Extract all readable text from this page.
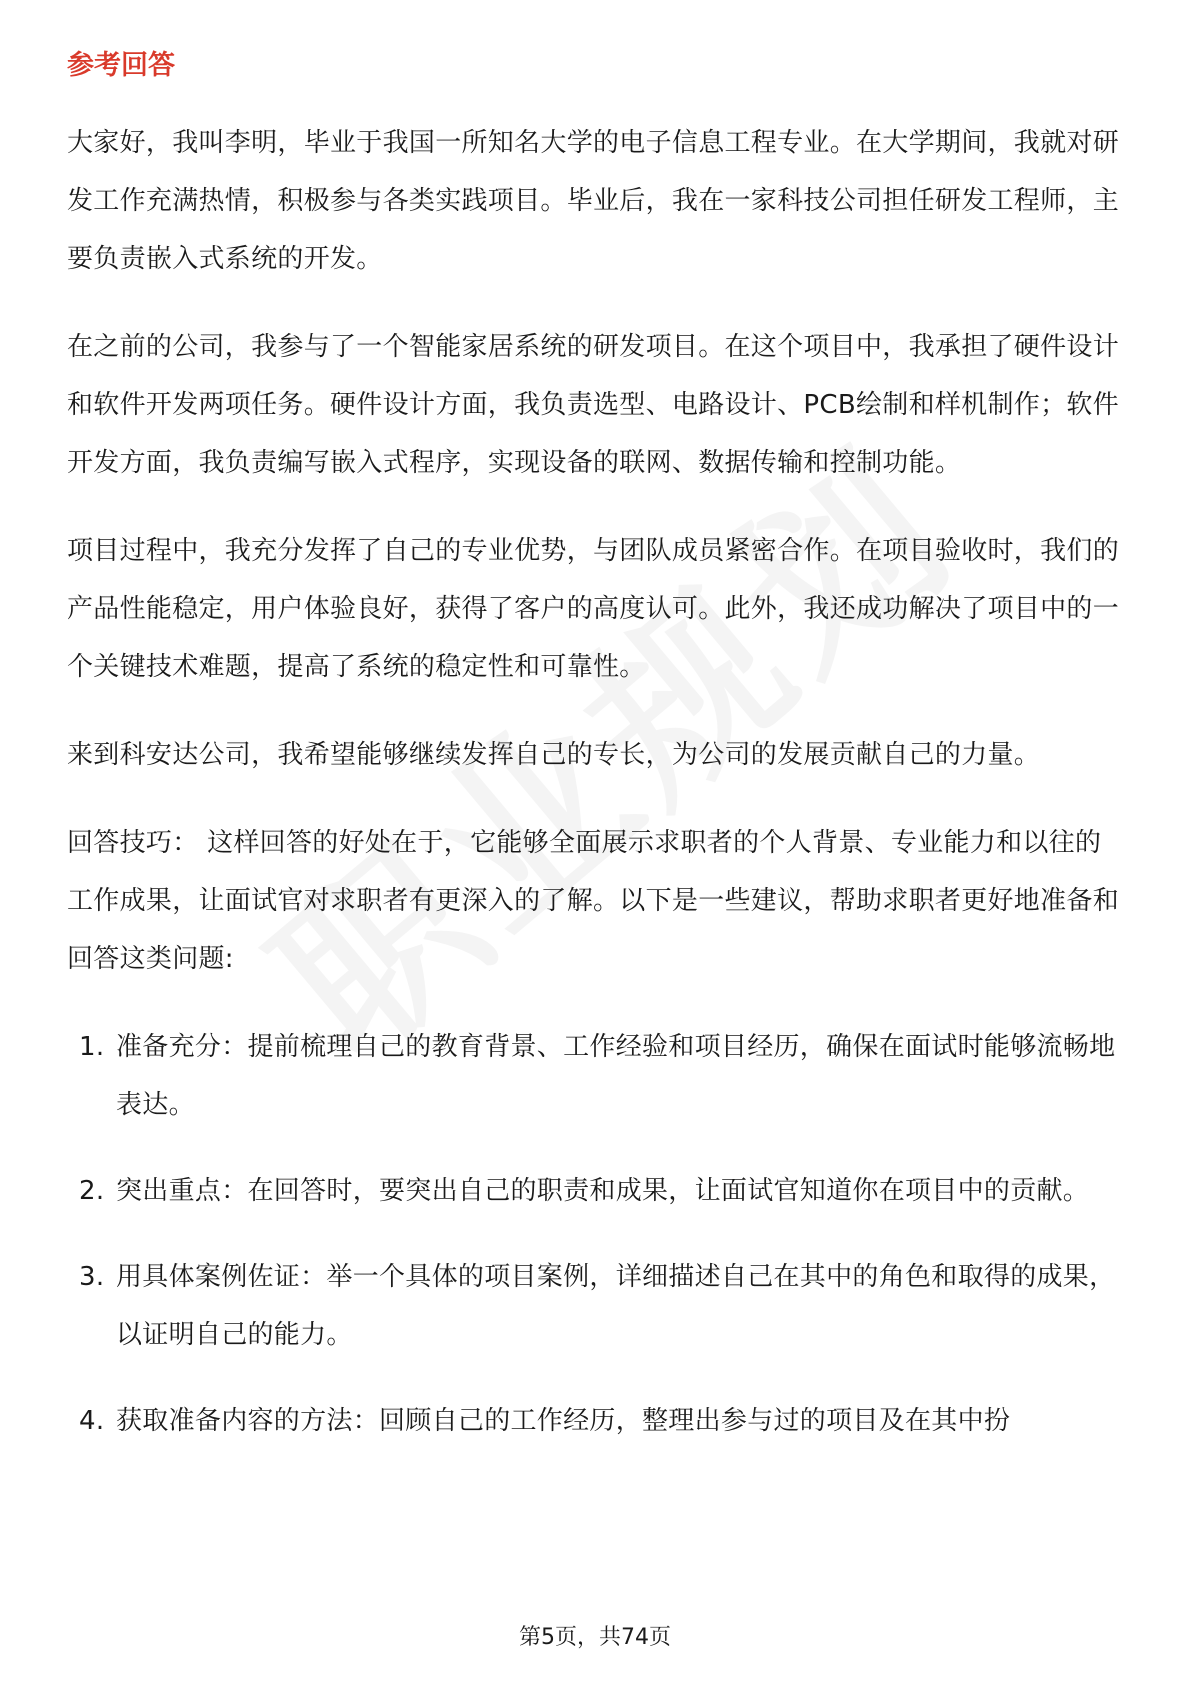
参考回答

大家好，我叫李明，毕业于我国一所知名大学的电子信息工程专业。在大学期间，我就对研发工作充满热情，积极参与各类实践项目。毕业后，我在一家科技公司担任研发工程师，主要负责嵌入式系统的开发。

在之前的公司，我参与了一个智能家居系统的研发项目。在这个项目中，我承担了硬件设计和软件开发两项任务。硬件设计方面，我负责选型、电路设计、PCB绘制和样机制作；软件开发方面，我负责编写嵌入式程序，实现设备的联网、数据传输和控制功能。

项目过程中，我充分发挥了自己的专业优势，与团队成员紧密合作。在项目验收时，我们的产品性能稳定，用户体验良好，获得了客户的高度认可。此外，我还成功解决了项目中的一个关键技术难题，提高了系统的稳定性和可靠性。

来到科安达公司，我希望能够继续发挥自己的专长，为公司的发展贡献自己的力量。

回答技巧： 这样回答的好处在于，它能够全面展示求职者的个人背景、专业能力和以往的工作成果，让面试官对求职者有更深入的了解。以下是一些建议，帮助求职者更好地准备和回答这类问题:

1. 准备充分：提前梳理自己的教育背景、工作经验和项目经历，确保在面试时能够流畅地表达。
2. 突出重点：在回答时，要突出自己的职责和成果，让面试官知道你在项目中的贡献。
3. 用具体案例佐证：举一个具体的项目案例，详细描述自己在其中的角色和取得的成果，以证明自己的能力。
4. 获取准备内容的方法：回顾自己的工作经历，整理出参与过的项目及在其中扮
第5页，共74页
